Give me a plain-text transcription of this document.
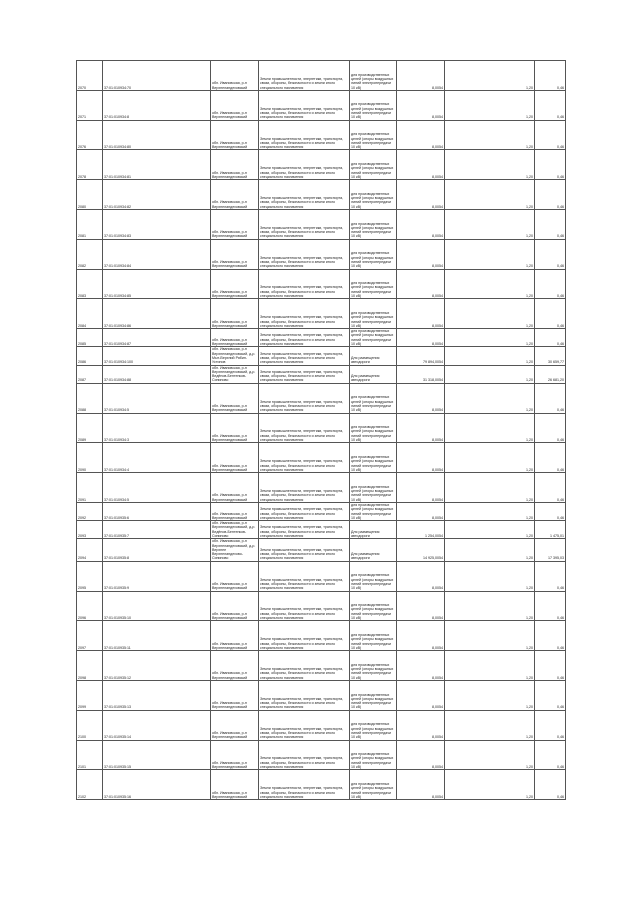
2070	37:01:010934:70	обл. Ивановская, р-н Верхнеландеховский	Земли промышленности, энергетики, транспорта, связи, обороны, безопасности и земли иного специального назначения	для производственных целей (опоры воздушных линий электропередачи 10 кВ)	8,0054	1,20	0,46
2071	37:01:010934:8	обл. Ивановская, р-н Верхнеландеховский	Земли промышленности, энергетики, транспорта, связи, обороны, безопасности и земли иного специального назначения	для производственных целей (опоры воздушных линий электропередачи 10 кВ)	8,0054	1,20	0,46
2076	37:01:010934:80	обл. Ивановская, р-н Верхнеландеховский	Земли промышленности, энергетики, транспорта, связи, обороны, безопасности и земли иного специального назначения	для производственных целей (опоры воздушных линий электропередачи 10 кВ)	8,0054	1,20	0,46
2078	37:01:010934:81	обл. Ивановская, р-н Верхнеландеховский	Земли промышленности, энергетики, транспорта, связи, обороны, безопасности и земли иного специального назначения	для производственных целей (опоры воздушных линий электропередачи 10 кВ)	8,0054	1,20	0,46
2080	37:01:010934:82	обл. Ивановская, р-н Верхнеландеховский	Земли промышленности, энергетики, транспорта, связи, обороны, безопасности и земли иного специального назначения	для производственных целей (опоры воздушных линий электропередачи 10 кВ)	8,0054	1,20	0,46
2081	37:01:010934:83	обл. Ивановская, р-н Верхнеландеховский	Земли промышленности, энергетики, транспорта, связи, обороны, безопасности и земли иного специального назначения	для производственных целей (опоры воздушных линий электропередачи 10 кВ)	8,0054	1,20	0,46
2082	37:01:010934:84	обл. Ивановская, р-н Верхнеландеховский	Земли промышленности, энергетики, транспорта, связи, обороны, безопасности и земли иного специального назначения	для производственных целей (опоры воздушных линий электропередачи 10 кВ)	8,0054	1,20	0,46
2083	37:01:010934:85	обл. Ивановская, р-н Верхнеландеховский	Земли промышленности, энергетики, транспорта, связи, обороны, безопасности и земли иного специального назначения	для производственных целей (опоры воздушных линий электропередачи 10 кВ)	8,0054	1,20	0,46
2084	37:01:010934:86	обл. Ивановская, р-н Верхнеландеховский	Земли промышленности, энергетики, транспорта, связи, обороны, безопасности и земли иного специального назначения	для производственных целей (опоры воздушных линий электропередачи 10 кВ)	8,0054	1,20	0,46
2085	37:01:010934:87	обл. Ивановская, р-н Верхнеландеховский	Земли промышленности, энергетики, транспорта, связи, обороны, безопасности и земли иного специального назначения	для производственных целей (опоры воздушных линий электропередачи 10 кВ)	8,0054	1,20	0,46
2086	37:01:010934:100	обл. Ивановская, р-н Верхнеландеховский, д-р. Мыт-Верхний Рябин-Устинов	Земли промышленности, энергетики, транспорта, связи, обороны, безопасности и земли иного специального назначения	Для размещения автодороги	79 894,0054	1,20	30 659,77
2087	37:01:010934:88	обл. Ивановская, р-н Верхнеландеховский, д-р. Ведёнов-Бентенков-Сипиново	Земли промышленности, энергетики, транспорта, связи, обороны, безопасности и земли иного специального назначения	Для размещения автодороги	31 318,0054	1,20	26 681,20
2088	37:01:010934:5	обл. Ивановская, р-н Верхнеландеховский	Земли промышленности, энергетики, транспорта, связи, обороны, безопасности и земли иного специального назначения	для производственных целей (опоры воздушных линий электропередачи 10 кВ)	8,0054	1,20	0,46
2089	37:01:010934:3	обл. Ивановская, р-н Верхнеландеховский	Земли промышленности, энергетики, транспорта, связи, обороны, безопасности и земли иного специального назначения	для производственных целей (опоры воздушных линий электропередачи 10 кВ)	8,0054	1,20	0,46
2090	37:01:010934:4	обл. Ивановская, р-н Верхнеландеховский	Земли промышленности, энергетики, транспорта, связи, обороны, безопасности и земли иного специального назначения	для производственных целей (опоры воздушных линий электропередачи 10 кВ)	8,0054	1,20	0,46
2091	37:01:010934:5	обл. Ивановская, р-н Верхнеландеховский	Земли промышленности, энергетики, транспорта, связи, обороны, безопасности и земли иного специального назначения	для производственных целей (опоры воздушных линий электропередачи 10 кВ)	8,0054	1,20	0,46
2092	37:01:010935:6	обл. Ивановская, р-н Верхнеландеховский	Земли промышленности, энергетики, транспорта, связи, обороны, безопасности и земли иного специального назначения	для производственных целей (опоры воздушных линий электропередачи 10 кВ)	8,0054	1,20	0,46
2093	37:01:010935:7	обл. Ивановская, р-н Верхнеландеховский, д-р. Ведёнов-Бентенков-Сипиново	Земли промышленности, энергетики, транспорта, связи, обороны, безопасности и земли иного специального назначения	Для размещения автодороги	1 254,0054	1,20	1 475,01
2094	37:01:010935:8	обл. Ивановская, р-н Верхнеландеховский, д-р. Верхнее Верхнеландехово-Сипиново	Земли промышленности, энергетики, транспорта, связи, обороны, безопасности и земли иного специального назначения	Для размещения автодороги	14 925,0054	1,20	17 395,03
2095	37:01:010935:9	обл. Ивановская, р-н Верхнеландеховский	Земли промышленности, энергетики, транспорта, связи, обороны, безопасности и земли иного специального назначения	для производственных целей (опоры воздушных линий электропередачи 10 кВ)	8,0054	1,20	0,46
2096	37:01:010935:10	обл. Ивановская, р-н Верхнеландеховский	Земли промышленности, энергетики, транспорта, связи, обороны, безопасности и земли иного специального назначения	для производственных целей (опоры воздушных линий электропередачи 10 кВ)	8,0054	1,20	0,46
2097	37:01:010935:11	обл. Ивановская, р-н Верхнеландеховский	Земли промышленности, энергетики, транспорта, связи, обороны, безопасности и земли иного специального назначения	для производственных целей (опоры воздушных линий электропередачи 10 кВ)	8,0054	1,20	0,46
2098	37:01:010935:12	обл. Ивановская, р-н Верхнеландеховский	Земли промышленности, энергетики, транспорта, связи, обороны, безопасности и земли иного специального назначения	для производственных целей (опоры воздушных линий электропередачи 10 кВ)	8,0054	1,20	0,46
2099	37:01:010935:13	обл. Ивановская, р-н Верхнеландеховский	Земли промышленности, энергетики, транспорта, связи, обороны, безопасности и земли иного специального назначения	для производственных целей (опоры воздушных линий электропередачи 10 кВ)	8,0054	1,20	0,46
2100	37:01:010935:14	обл. Ивановская, р-н Верхнеландеховский	Земли промышленности, энергетики, транспорта, связи, обороны, безопасности и земли иного специального назначения	для производственных целей (опоры воздушных линий электропередачи 10 кВ)	8,0054	1,20	0,46
2101	37:01:010935:15	обл. Ивановская, р-н Верхнеландеховский	Земли промышленности, энергетики, транспорта, связи, обороны, безопасности и земли иного специального назначения	для производственных целей (опоры воздушных линий электропередачи 10 кВ)	8,0054	1,20	0,46
2102	37:01:010935:16	обл. Ивановская, р-н Верхнеландеховский	Земли промышленности, энергетики, транспорта, связи, обороны, безопасности и земли иного специального назначения	для производственных целей (опоры воздушных линий электропередачи 10 кВ)	8,0054	1,20	0,46
